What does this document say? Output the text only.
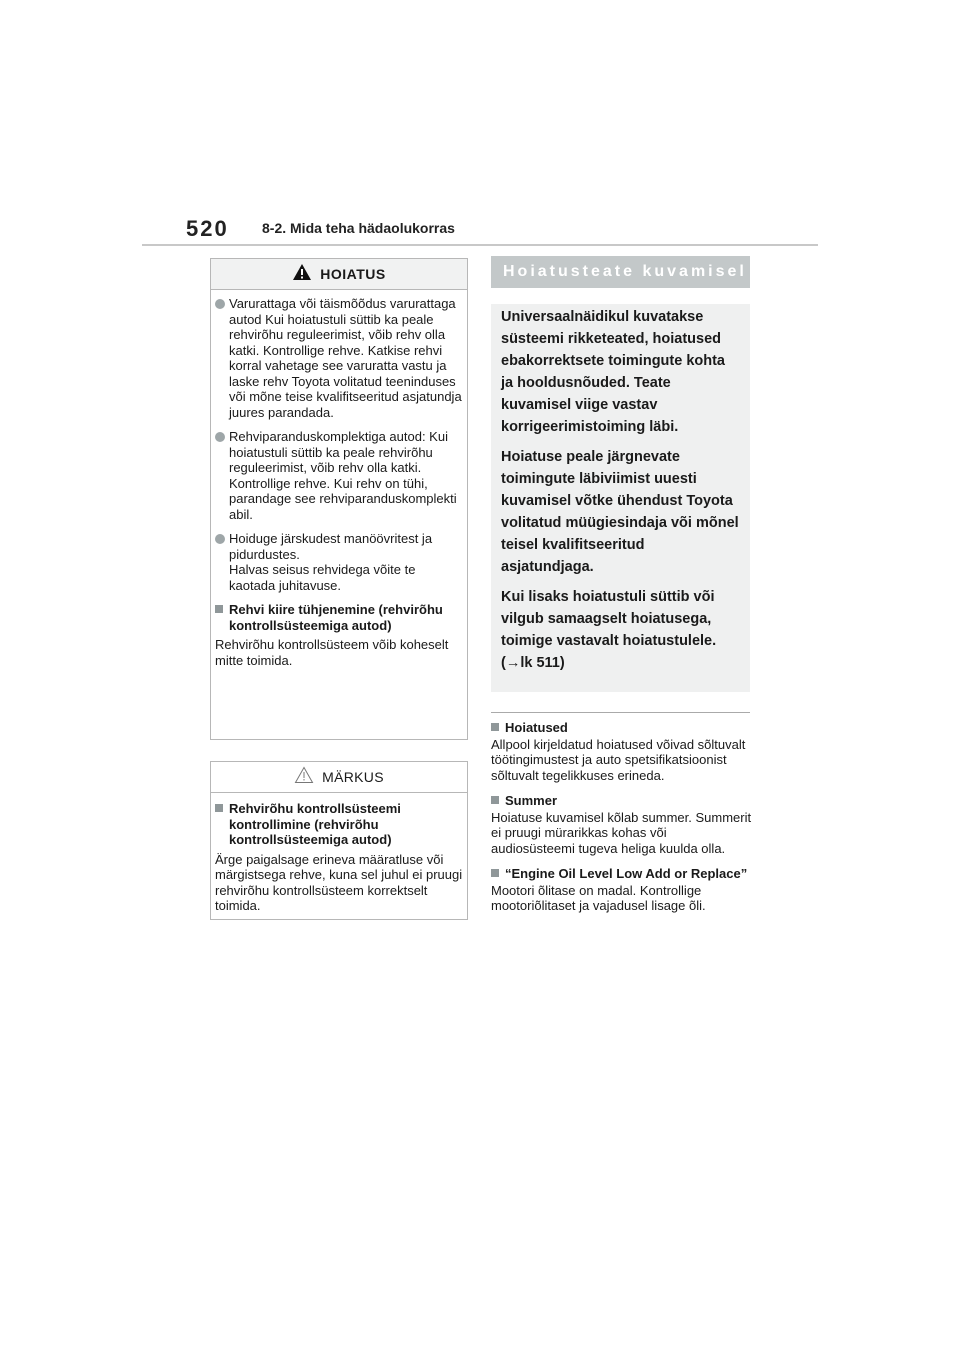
520 8-2. Mida teha hädaolukorras
HOIATUS
Varurattaga või täismõõdus varurattaga autod Kui hoiatustuli süttib ka peale rehvirõhu reguleerimist, võib rehv olla katki. Kontrollige rehve. Katkise rehvi korral vahetage see varuratta vastu ja laske rehv Toyota volitatud teeninduses või mõne teise kvalifitseeritud asjatundja juures parandada.
Rehviparanduskomplektiga autod: Kui hoiatustuli süttib ka peale rehvirõhu reguleerimist, võib rehv olla katki. Kontrollige rehve. Kui rehv on tühi, parandage see rehviparanduskomplekti abil.
Hoiduge järskudest manöövritest ja pidurdustes.
Halvas seisus rehvidega võite te kaotada juhitavuse.
Rehvi kiire tühjenemine (rehvirõhu kontrollsüsteemiga autod)
Rehvirõhu kontrollsüsteem võib koheselt mitte toimida.
MÄRKUS
Rehvirõhu kontrollsüsteemi kontrollimine (rehvirõhu kontrollsüsteemiga autod)
Ärge paigalsage erineva määratluse või märgistsega rehve, kuna sel juhul ei pruugi rehvirõhu kontrollsüsteem korrektselt toimida.
Hoiatusteate kuvamisel

Universaalnäidikul kuvatakse süsteemi rikketeated, hoiatused ebakorrektsete toimingute kohta ja hooldusnõuded. Teate kuvamisel viige vastav korrigeerimistoiming läbi.

Hoiatuse peale järgnevate toimingute läbiviimist uuesti kuvamisel võtke ühendust Toyota volitatud müügiesindaja või mõnel teisel kvalifitseeritud asjatundjaga.

Kui lisaks hoiatustuli süttib või vilgub samaagselt hoiatusega, toimige vastavalt hoiatustulele. (→lk 511)

Hoiatused
Allpool kirjeldatud hoiatused võivad sõltuvalt töötingimustest ja auto spetsifikatsioonist sõltuvalt tegelikkuses erineda.
Summer
Hoiatuse kuvamisel kõlab summer. Summerit ei pruugi mürarikkas kohas või audiosüsteemi tugeva heliga kuulda olla.
“Engine Oil Level Low Add or Replace”
Mootori õlitase on madal. Kontrollige mootoriõlitaset ja vajadusel lisage õli.
